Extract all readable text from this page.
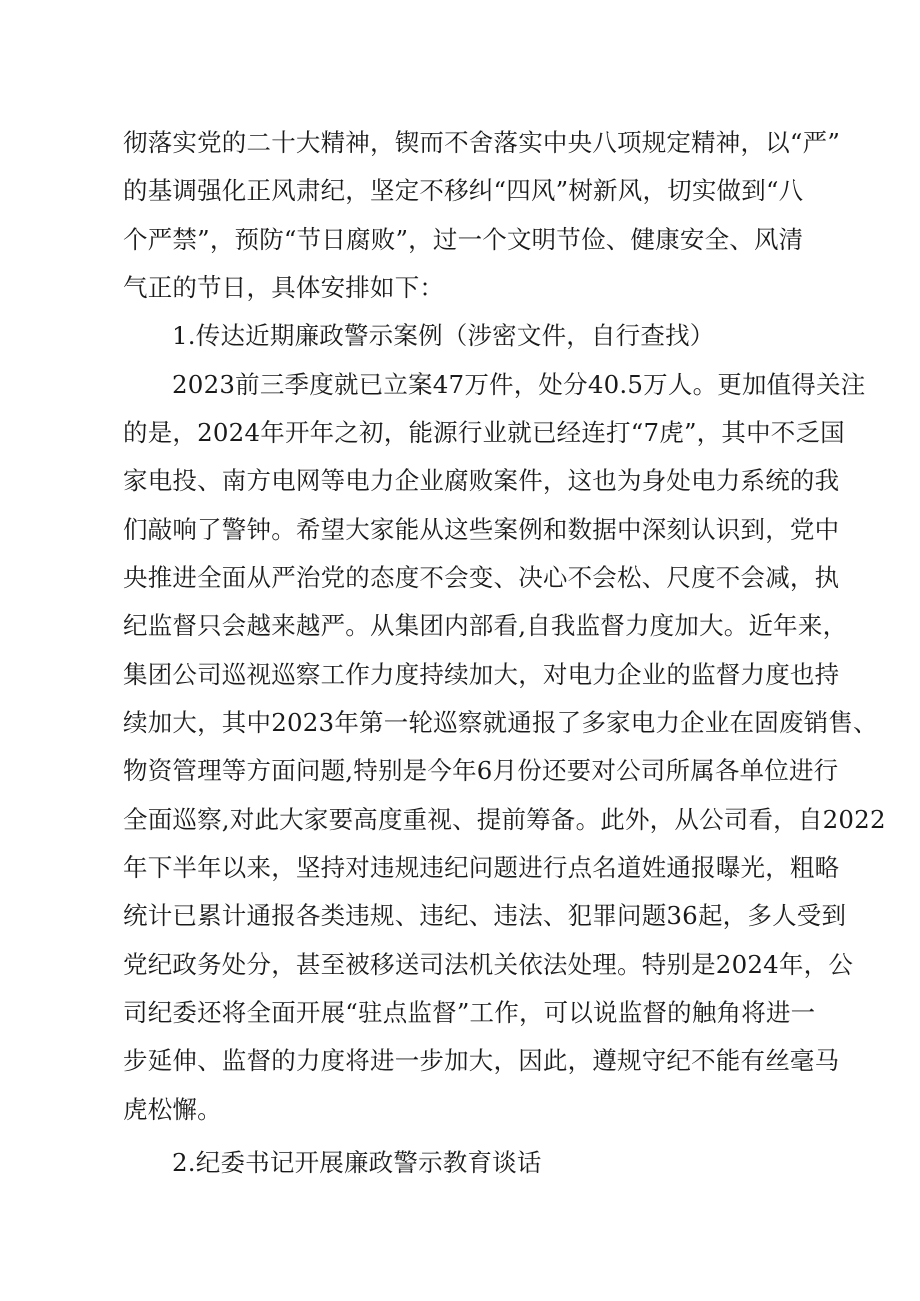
彻落实党的二十大精神，锲而不舍落实中央八项规定精神，以“严”
的基调强化正风肃纪，坚定不移纠“四风”树新风，切实做到“八
个严禁”，预防“节日腐败”，过一个文明节俭、健康安全、风清
气正的节日，具体安排如下：
1.传达近期廉政警示案例（涉密文件，自行查找）
2023前三季度就已立案47万件，处分40.5万人。更加值得关注
的是，2024年开年之初，能源行业就已经连打“7虎”，其中不乏国
家电投、南方电网等电力企业腐败案件，这也为身处电力系统的我
们敲响了警钟。希望大家能从这些案例和数据中深刻认识到，党中
央推进全面从严治党的态度不会变、决心不会松、尺度不会减，执
纪监督只会越来越严。从集团内部看,自我监督力度加大。近年来，
集团公司巡视巡察工作力度持续加大，对电力企业的监督力度也持
续加大，其中2023年第一轮巡察就通报了多家电力企业在固废销售、
物资管理等方面问题,特别是今年6月份还要对公司所属各单位进行
全面巡察,对此大家要高度重视、提前筹备。此外，从公司看，自2022
年下半年以来，坚持对违规违纪问题进行点名道姓通报曝光，粗略
统计已累计通报各类违规、违纪、违法、犯罪问题36起，多人受到
党纪政务处分，甚至被移送司法机关依法处理。特别是2024年，公
司纪委还将全面开展“驻点监督”工作，可以说监督的触角将进一
步延伸、监督的力度将进一步加大，因此，遵规守纪不能有丝毫马
虎松懈。
2.纪委书记开展廉政警示教育谈话
